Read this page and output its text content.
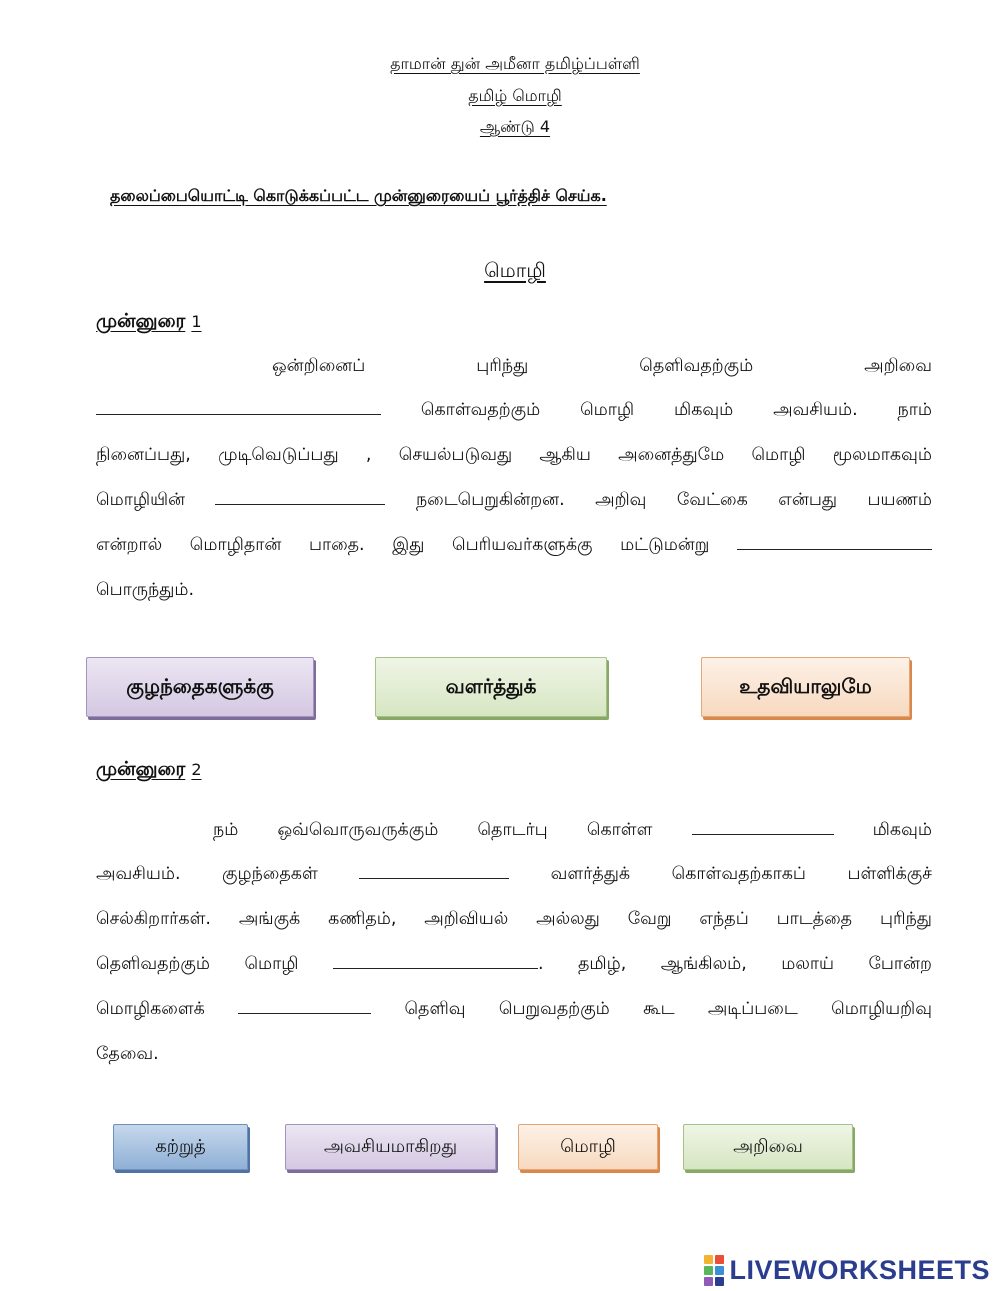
தாமான் துன் அமீனா தமிழ்ப்பள்ளி
தமிழ் மொழி
ஆண்டு 4
தலைப்பையொட்டி கொடுக்கப்பட்ட முன்னுரையைப் பூர்த்திச் செய்க.
மொழி
முன்னுரை 1
ஒன்றினைப்	புரிந்து	தெளிவதற்கும்	அறிவை
கொள்வதற்கும் மொழி மிகவும் அவசியம். நாம்
நினைப்பது, முடிவெடுப்பது , செயல்படுவது ஆகிய அனைத்துமே மொழி மூலமாகவும்
மொழியின்	நடைபெறுகின்றன. அறிவு வேட்கை என்பது பயணம்
என்றால் மொழிதான் பாதை. இது பெரியவர்களுக்கு மட்டுமன்று
பொருந்தும்.
குழந்தைகளுக்கு	வளர்த்துக்	உதவியாலுமே
முன்னுரை 2
நம் ஒவ்வொருவருக்கும் தொடர்பு கொள்ள	மிகவும்
அவசியம். குழந்தைகள்	வளர்த்துக் கொள்வதற்காகப் பள்ளிக்குச்
செல்கிறார்கள். அங்குக் கணிதம், அறிவியல் அல்லது வேறு எந்தப் பாடத்தை புரிந்து
தெளிவதற்கும் மொழி	. தமிழ், ஆங்கிலம், மலாய் போன்ற
மொழிகளைக்	தெளிவு பெறுவதற்கும் கூட அடிப்படை மொழியறிவு
தேவை.
கற்றுத்	அவசியமாகிறது	மொழி	அறிவை
LIVEWORKSHEETS
